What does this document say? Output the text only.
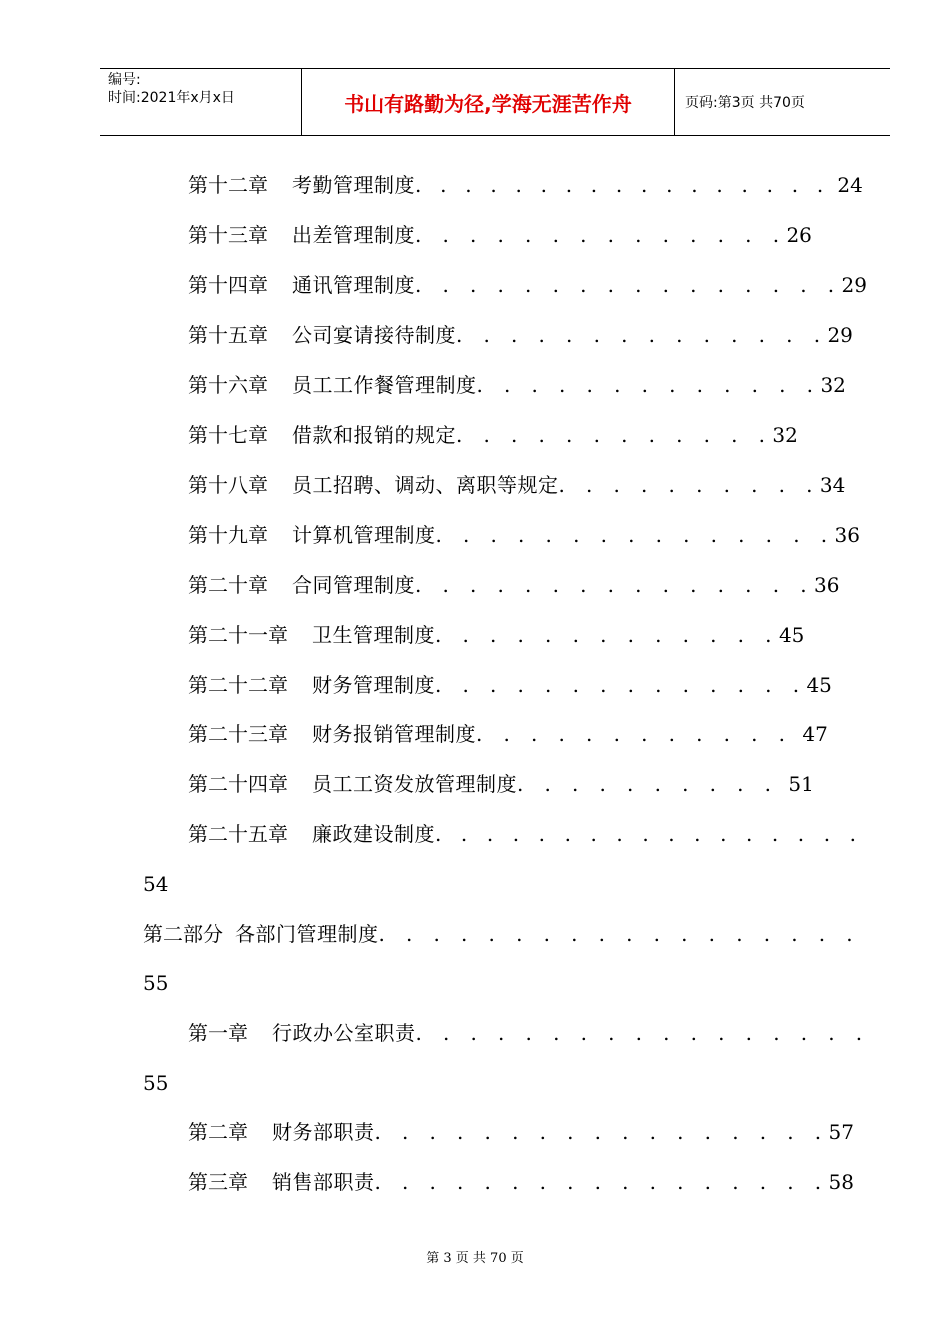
编号:
时间:2021年x月x日	书山有路勤为径,学海无涯苦作舟	页码:第3页 共70页
第十二章 考勤管理制度. . . . . . . . . . . . . . . . . 24
第十三章 出差管理制度. . . . . . . . . . . . . .26
第十四章 通讯管理制度. . . . . . . . . . . . . . . .29
第十五章 公司宴请接待制度. . . . . . . . . . . . . .29
第十六章 员工工作餐管理制度. . . . . . . . . . . . .32
第十七章 借款和报销的规定. . . . . . . . . . . .32
第十八章 员工招聘、调动、离职等规定. . . . . . . . . .34
第十九章 计算机管理制度. . . . . . . . . . . . . . .36
第二十章 合同管理制度. . . . . . . . . . . . . . .36
第二十一章 卫生管理制度. . . . . . . . . . . . .45
第二十二章 财务管理制度. . . . . . . . . . . . . .45
第二十三章 财务报销管理制度. . . . . . . . . . . . 47
第二十四章 员工工资发放管理制度. . . . . . . . . . 51
第二十五章 廉政建设制度. . . . . . . . . . . . . . . . .
54
第二部分 各部门管理制度. . . . . . . . . . . . . . . . . .
55
第一章 行政办公室职责. . . . . . . . . . . . . . . . .
55
第二章 财务部职责. . . . . . . . . . . . . . . . .57
第三章 销售部职责. . . . . . . . . . . . . . . . .58
第 3 页 共 70 页
